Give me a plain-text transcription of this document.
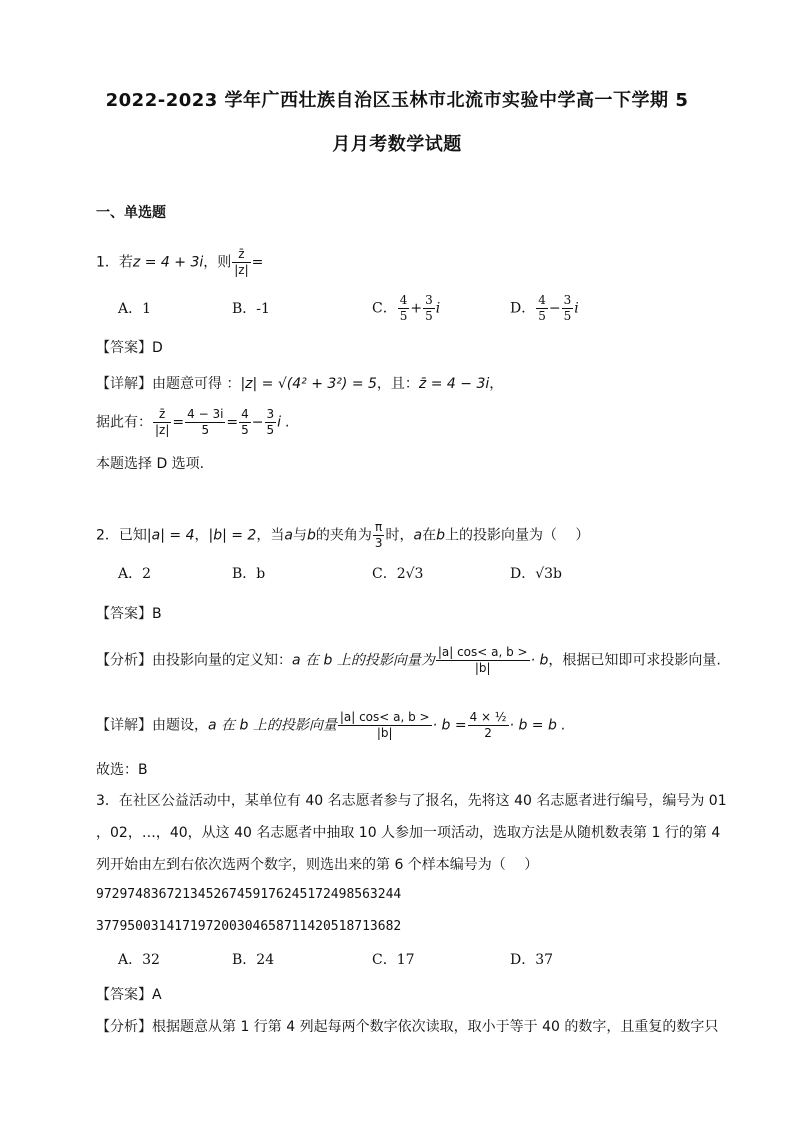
2022-2023 学年广西壮族自治区玉林市北流市实验中学高一下学期 5
月月考数学试题
一、单选题
1．若z = 4 + 3i，则 $\frac{z̄}{|z|}$ =
A．1	B．-1	C． $\frac{4}{5} + \frac{3}{5}$ i	D． $\frac{4}{5} - \frac{3}{5}$ i
【答案】D
【详解】由题意可得 ：|z| = √(4² + 3²) = 5，且：z̄ = 4 − 3i，
据此有： $\frac{z̄}{|z|} = \frac{4 - 3i}{5} = \frac{4}{5} - \frac{3}{5}$ i .
本题选择 D 选项.
2．已知|a| = 4，|b| = 2，当a与b的夹角为 $\frac{\pi}{3}$ 时，a在b上的投影向量为（　 ）
A．2	B．b	C．2√3	D．√3b
【答案】B
【分析】由投影向量的定义知：a 在 b 上的投影向量为 $\frac{|a| \cos< a, b >}{|b|} \cdot b$，根据已知即可求投影向量.
【详解】由题设，a 在 b 上的投影向量 $\frac{|a| \cos< a, b >}{|b|} \cdot b = \frac{\text{4 × ½}}{2} \cdot b = b$ .
故选：B
3．在社区公益活动中，某单位有 40 名志愿者参与了报名，先将这 40 名志愿者进行编号，编号为 01
，02，…，40，从这 40 名志愿者中抽取 10 人参加一项活动，选取方法是从随机数表第 1 行的第 4
列开始由左到右依次选两个数字，则选出来的第 6 个样本编号为（　 ）
9729748367213452674591762451724985632​44
3779500314171972003046587114205187136​82
A．32	B．24	C．17	D．37
【答案】A
【分析】根据题意从第 1 行第 4 列起每两个数字依次读取，取小于等于 40 的数字，且重复的数字只
